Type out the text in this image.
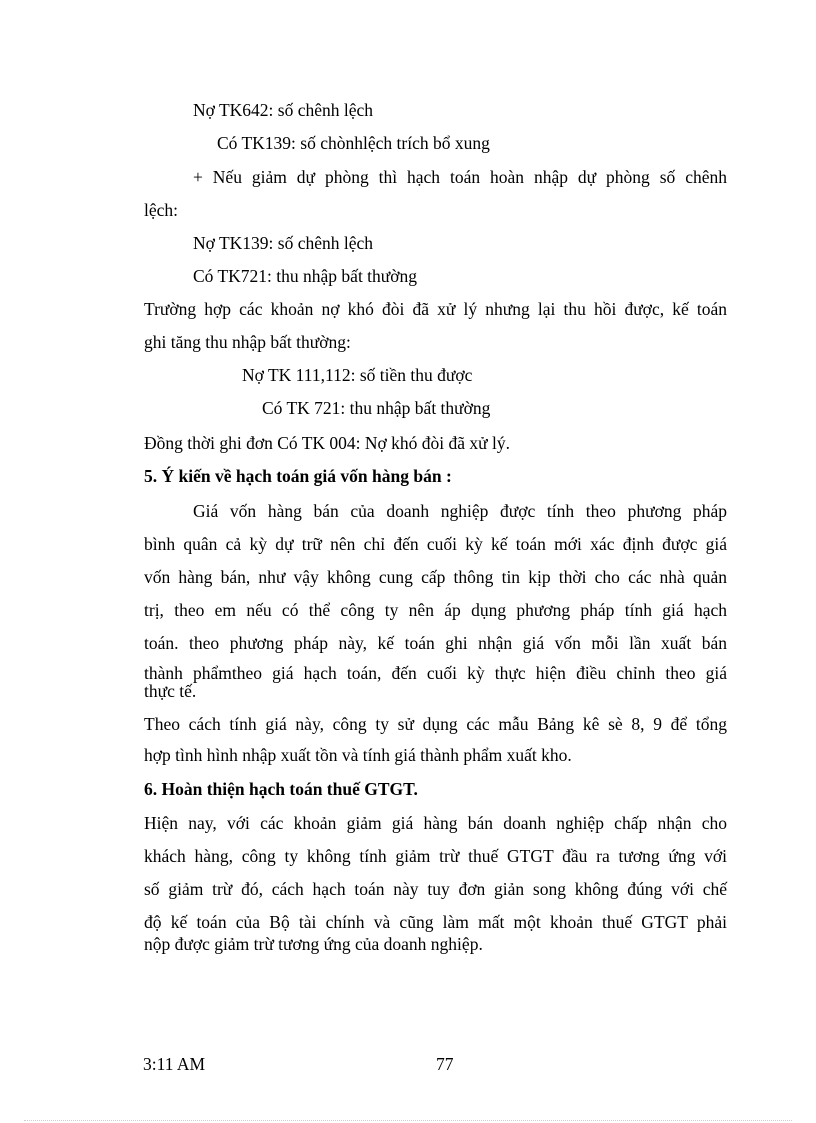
Nợ TK642: số chênh lệch
Có TK139: số chònhlệch trích bổ xung
+ Nếu giảm dự phòng thì hạch toán hoàn nhập dự phòng số chênh
lệch:
Nợ TK139: số chênh lệch
Có TK721: thu nhập bất thường
Trường hợp các khoản nợ khó đòi đã xử lý nhưng lại thu hồi được, kế toán
ghi tăng thu nhập bất thường:
Nợ TK 111,112: số tiền thu được
Có TK 721: thu nhập bất thường
Đồng thời ghi đơn Có TK 004: Nợ khó đòi đã xử lý.
5. Ý kiến về hạch toán giá vốn hàng bán :
Giá vốn hàng bán của doanh nghiệp được tính theo phương pháp
bình quân cả kỳ dự trữ nên chỉ đến cuối kỳ kế toán mới xác định được giá
vốn hàng bán, như vậy không cung cấp thông tin kịp thời cho các nhà quản
trị, theo em nếu có thể công ty nên áp dụng phương pháp tính giá hạch
toán. theo phương pháp này, kế toán ghi nhận giá vốn mỗi lần xuất bán
thành phẩmtheo giá hạch toán, đến cuối kỳ thực hiện điều chỉnh theo giá
thực tế.
Theo cách tính giá này, công ty sử dụng các mẫu Bảng kê sè 8, 9 để tổng
hợp tình hình nhập xuất tồn và tính giá thành phẩm xuất kho.
6. Hoàn thiện hạch toán thuế GTGT.
Hiện nay, với các khoản giảm giá hàng bán doanh nghiệp chấp nhận cho
khách hàng, công ty không tính giảm trừ thuế GTGT đầu ra tương ứng với
số giảm trừ đó, cách hạch toán này tuy đơn giản song không đúng với chế
độ kế toán của Bộ tài chính và cũng làm mất một khoản thuế GTGT phải
nộp được giảm trừ tương ứng của doanh nghiệp.
3:11 AM	77
